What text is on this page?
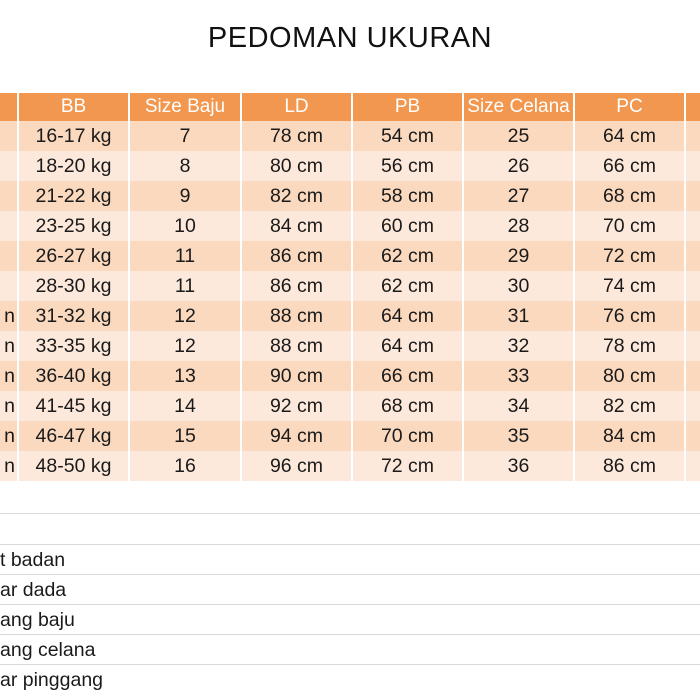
PEDOMAN UKURAN
BB	Size Baju	LD	PB	Size Celana	PC
16-17 kg	7	78 cm	54 cm	25	64 cm
18-20 kg	8	80 cm	56 cm	26	66 cm
21-22 kg	9	82 cm	58 cm	27	68 cm
23-25 kg	10	84 cm	60 cm	28	70 cm
26-27 kg	11	86 cm	62 cm	29	72 cm
28-30 kg	11	86 cm	62 cm	30	74 cm
n	31-32 kg	12	88 cm	64 cm	31	76 cm
n	33-35 kg	12	88 cm	64 cm	32	78 cm
n	36-40 kg	13	90 cm	66 cm	33	80 cm
n	41-45 kg	14	92 cm	68 cm	34	82 cm
n	46-47 kg	15	94 cm	70 cm	35	84 cm
n	48-50 kg	16	96 cm	72 cm	36	86 cm
t badan
ar dada
ang baju
ang celana
ar pinggang
